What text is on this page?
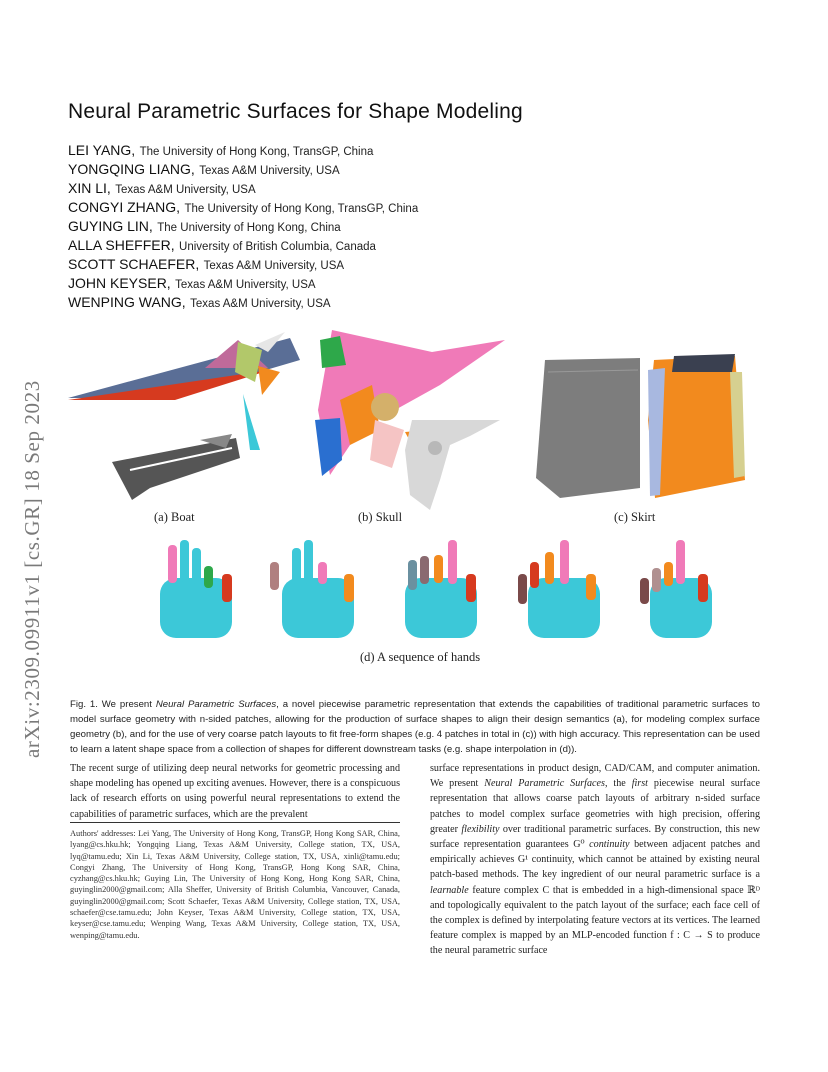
arXiv:2309.09911v1 [cs.GR] 18 Sep 2023
Neural Parametric Surfaces for Shape Modeling
LEI YANG, The University of Hong Kong, TransGP, China
YONGQING LIANG, Texas A&M University, USA
XIN LI, Texas A&M University, USA
CONGYI ZHANG, The University of Hong Kong, TransGP, China
GUYING LIN, The University of Hong Kong, China
ALLA SHEFFER, University of British Columbia, Canada
SCOTT SCHAEFER, Texas A&M University, USA
JOHN KEYSER, Texas A&M University, USA
WENPING WANG, Texas A&M University, USA
(a) Boat	(b) Skull	(c) Skirt
(d) A sequence of hands
Fig. 1. We present Neural Parametric Surfaces, a novel piecewise parametric representation that extends the capabilities of traditional parametric surfaces to model surface geometry with n-sided patches, allowing for the production of surface shapes to align their design semantics (a), for modeling complex surface geometry (b), and for the use of very coarse patch layouts to fit free-form shapes (e.g. 4 patches in total in (c)) with high accuracy. This representation can be used to learn a latent shape space from a collection of shapes for different downstream tasks (e.g. shape interpolation in (d)).
The recent surge of utilizing deep neural networks for geometric processing and shape modeling has opened up exciting avenues. However, there is a conspicuous lack of research efforts on using powerful neural representations to extend the capabilities of parametric surfaces, which are the prevalent
Authors' addresses: Lei Yang, The University of Hong Kong, TransGP, Hong Kong SAR, China, lyang@cs.hku.hk; Yongqing Liang, Texas A&M University, College station, TX, USA, lyq@tamu.edu; Xin Li, Texas A&M University, College station, TX, USA, xinli@tamu.edu; Congyi Zhang, The University of Hong Kong, TransGP, Hong Kong SAR, China, cyzhang@cs.hku.hk; Guying Lin, The University of Hong Kong, Hong Kong SAR, China, guyinglin2000@gmail.com; Alla Sheffer, University of British Columbia, Vancouver, Canada, guyinglin2000@gmail.com; Scott Schaefer, Texas A&M University, College station, TX, USA, schaefer@cse.tamu.edu; John Keyser, Texas A&M University, College station, TX, USA, keyser@cse.tamu.edu; Wenping Wang, Texas A&M University, College station, TX, USA, wenping@tamu.edu.
surface representations in product design, CAD/CAM, and computer animation. We present Neural Parametric Surfaces, the first piecewise neural surface representation that allows coarse patch layouts of arbitrary n-sided surface patches to model complex surface geometries with high precision, offering greater flexibility over traditional parametric surfaces. By construction, this new surface representation guarantees G⁰ continuity between adjacent patches and empirically achieves G¹ continuity, which cannot be attained by existing neural patch-based methods. The key ingredient of our neural parametric surface is a learnable feature complex C that is embedded in a high-dimensional space ℝᴰ and topologically equivalent to the patch layout of the surface; each face cell of the complex is defined by interpolating feature vectors at its vertices. The learned feature complex is mapped by an MLP-encoded function f : C → S to produce the neural parametric surface
